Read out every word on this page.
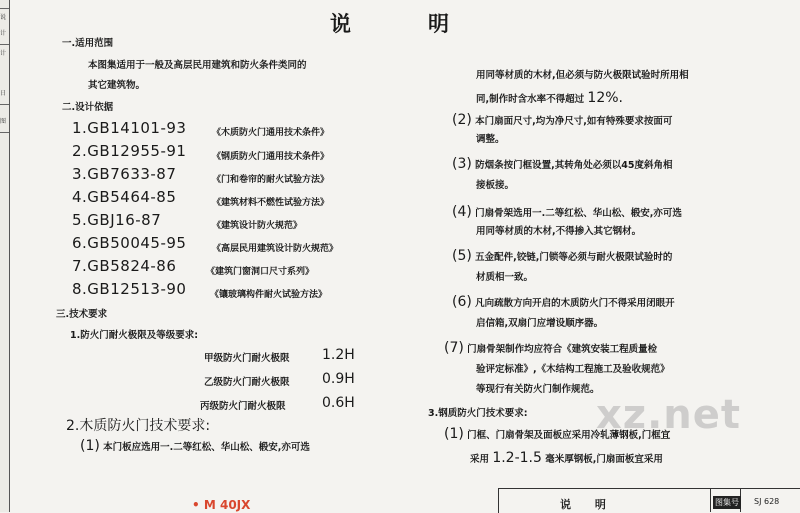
说
计
计
日
图
说	明
一.适用范围
本图集适用于一般及高层民用建筑和防火条件类同的
其它建筑物。
二.设计依据
1.GB14101-93	《木质防火门通用技术条件》
2.GB12955-91	《钢质防火门通用技术条件》
3.GB7633-87	《门和卷帘的耐火试验方法》
4.GB5464-85	《建筑材料不燃性试验方法》
5.GBJ16-87	《建筑设计防火规范》
6.GB50045-95	《高层民用建筑设计防火规范》
7.GB5824-86	《建筑门窗洞口尺寸系列》
8.GB12513-90	《镶玻璃构件耐火试验方法》
三.技术要求
1.防火门耐火极限及等级要求:
甲级防火门耐火极限 1.2H
乙级防火门耐火极限 0.9H
丙级防火门耐火极限	0.6H
2.木质防火门技术要求:
(1) 本门板应选用一.二等红松、华山松、椴安,亦可选
用同等材质的木材,但必须与防火极限试验时所用相
同,制作时含水率不得超过 12%.
(2) 本门扇面尺寸,均为净尺寸,如有特殊要求按面可
调整。
(3) 防烟条按门框设置,其转角处必须以45度斜角相
接板接。
(4) 门扇骨架选用一.二等红松、华山松、椴安,亦可选
用同等材质的木材,不得掺入其它钢材。
(5) 五金配件,铰链,门锁等必须与耐火极限试验时的
材质相一致。
(6) 凡向疏散方向开启的木质防火门不得采用闭眼开
启信箱,双扇门应增设顺序器。
(7) 门扇骨架制作均应符合《建筑安装工程质量检
验评定标准》,《木结构工程施工及验收规范》
等现行有关防火门制作规范。
3.钢质防火门技术要求:
(1) 门框、门扇骨架及面板应采用冷轧薄钢板,门框宜
采用 1.2-1.5 毫米厚钢板,门扇面板宜采用
xz.net
• M 40JX	说 明	图集号 SJ 628
